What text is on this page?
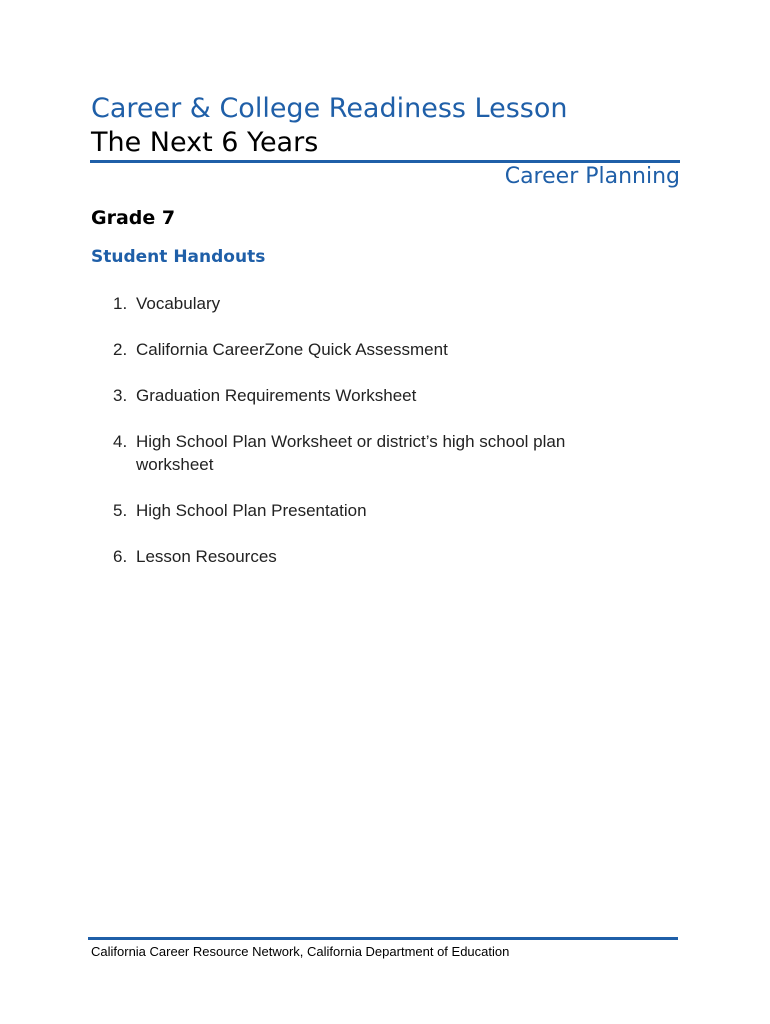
Career & College Readiness Lesson
The Next 6 Years
Career Planning
Grade 7
Student Handouts
1. Vocabulary
2. California CareerZone Quick Assessment
3. Graduation Requirements Worksheet
4. High School Plan Worksheet or district’s high school plan worksheet
5. High School Plan Presentation
6. Lesson Resources
California Career Resource Network, California Department of Education
